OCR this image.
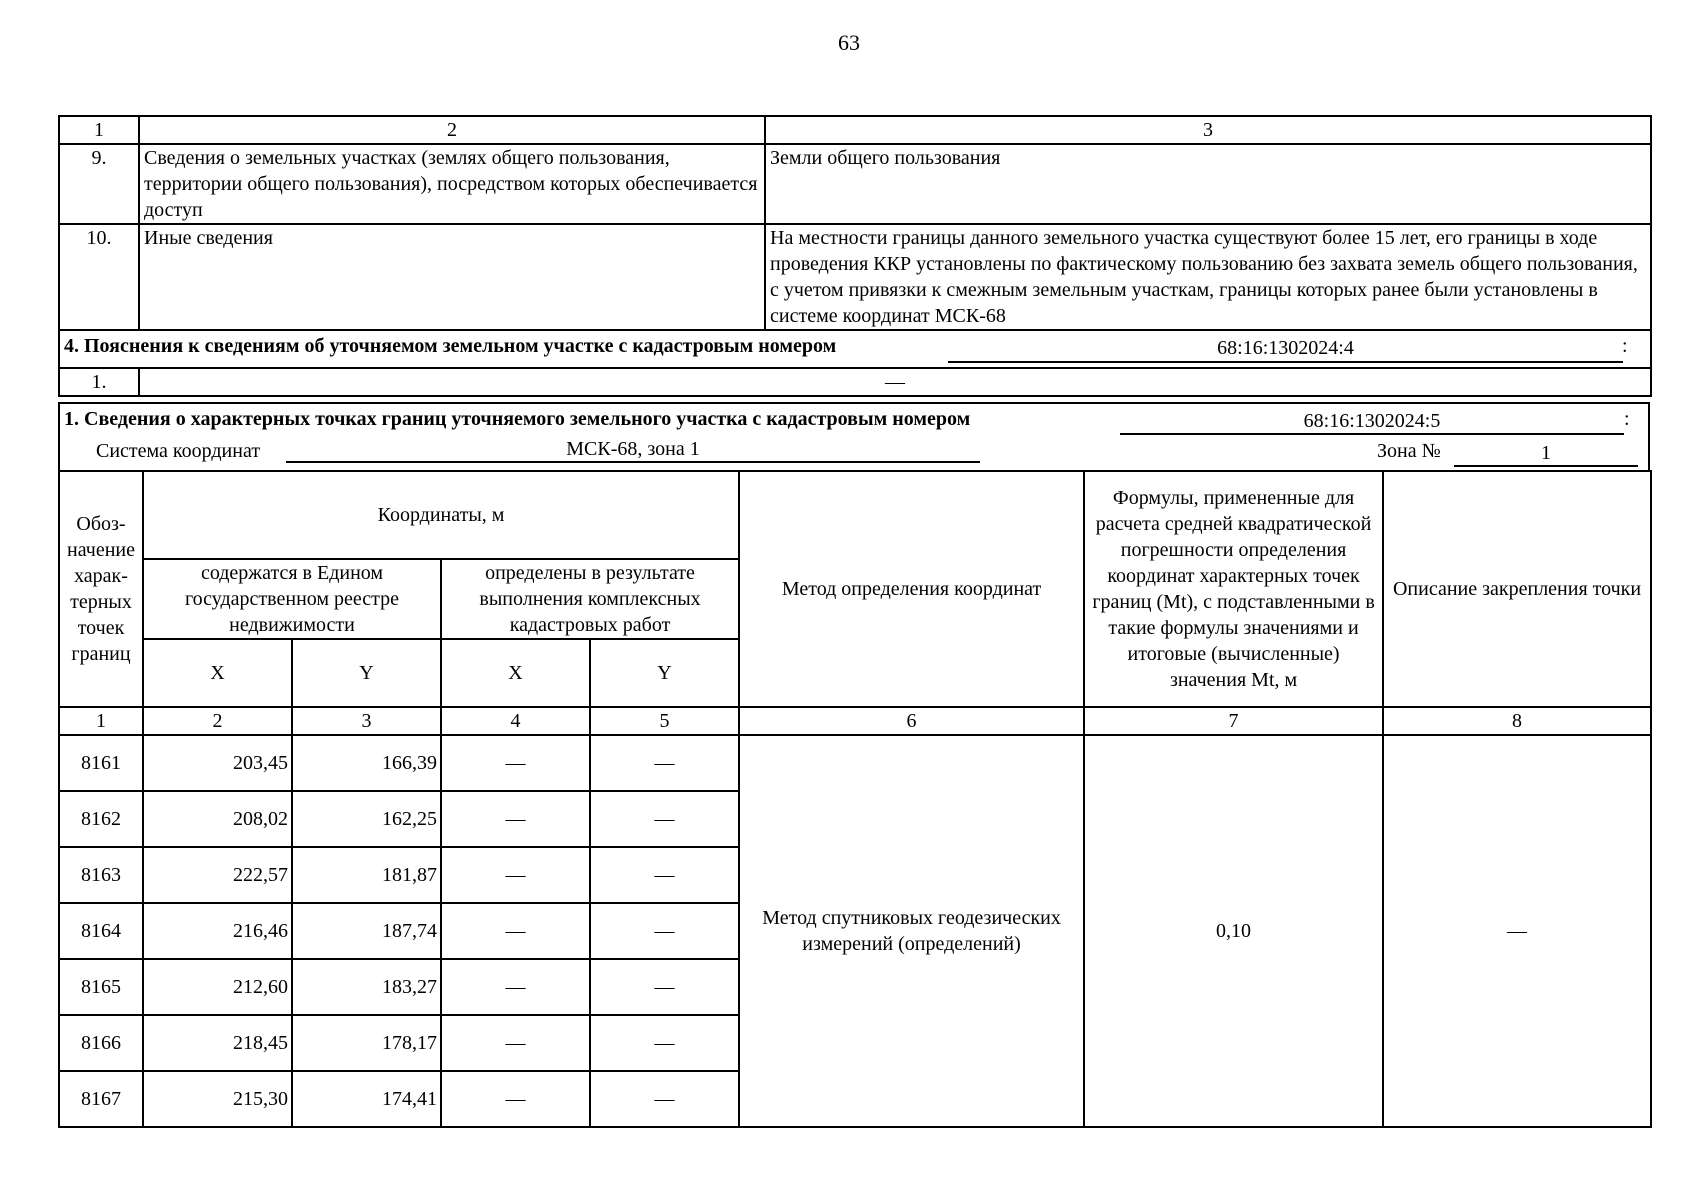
63
1	2	3
9.	Сведения о земельных участках (землях общего пользования, территории общего пользования), посредством которых обеспечивается доступ	Земли общего пользования
10.	Иные сведения	На местности границы данного земельного участка существуют более 15 лет, его границы в ходе проведения ККР установлены по фактическому пользованию без захвата земель общего пользования, с учетом привязки к смежным земельным участкам, границы которых ранее были установлены в системе координат МСК-68

4. Пояснения к сведениям об уточняемом земельном участке с кадастровым номером 68:16:1302024:4 :		

1.	—	
1. Сведения о характерных точках границ уточняемого земельного участка с кадастровым номером	68:16:1302024:5	:
Система координат	МСК-68, зона 1	Зона №	1
Обоз-начение харак-терных точек границ	Координаты, м				Метод определения координат	Формулы, примененные для расчета средней квадратической погрешности определения координат характерных точек границ (Mt), с подставленными в такие формулы значениями и итоговые (вычисленные) значения Mt, м	Описание закрепления точки
	содержатся в Едином государственном реестре недвижимости		определены в результате выполнения комплексных кадастровых работ				
	X	Y	X	Y			
1	2	3	4	5	6	7	8
8161	203,45	166,39	—	—	Метод спутниковых геодезических измерений (определений)	0,10	—
8162	208,02	162,25	—	—			
8163	222,57	181,87	—	—			
8164	216,46	187,74	—	—			
8165	212,60	183,27	—	—			
8166	218,45	178,17	—	—			
8167	215,30	174,41	—	—			
